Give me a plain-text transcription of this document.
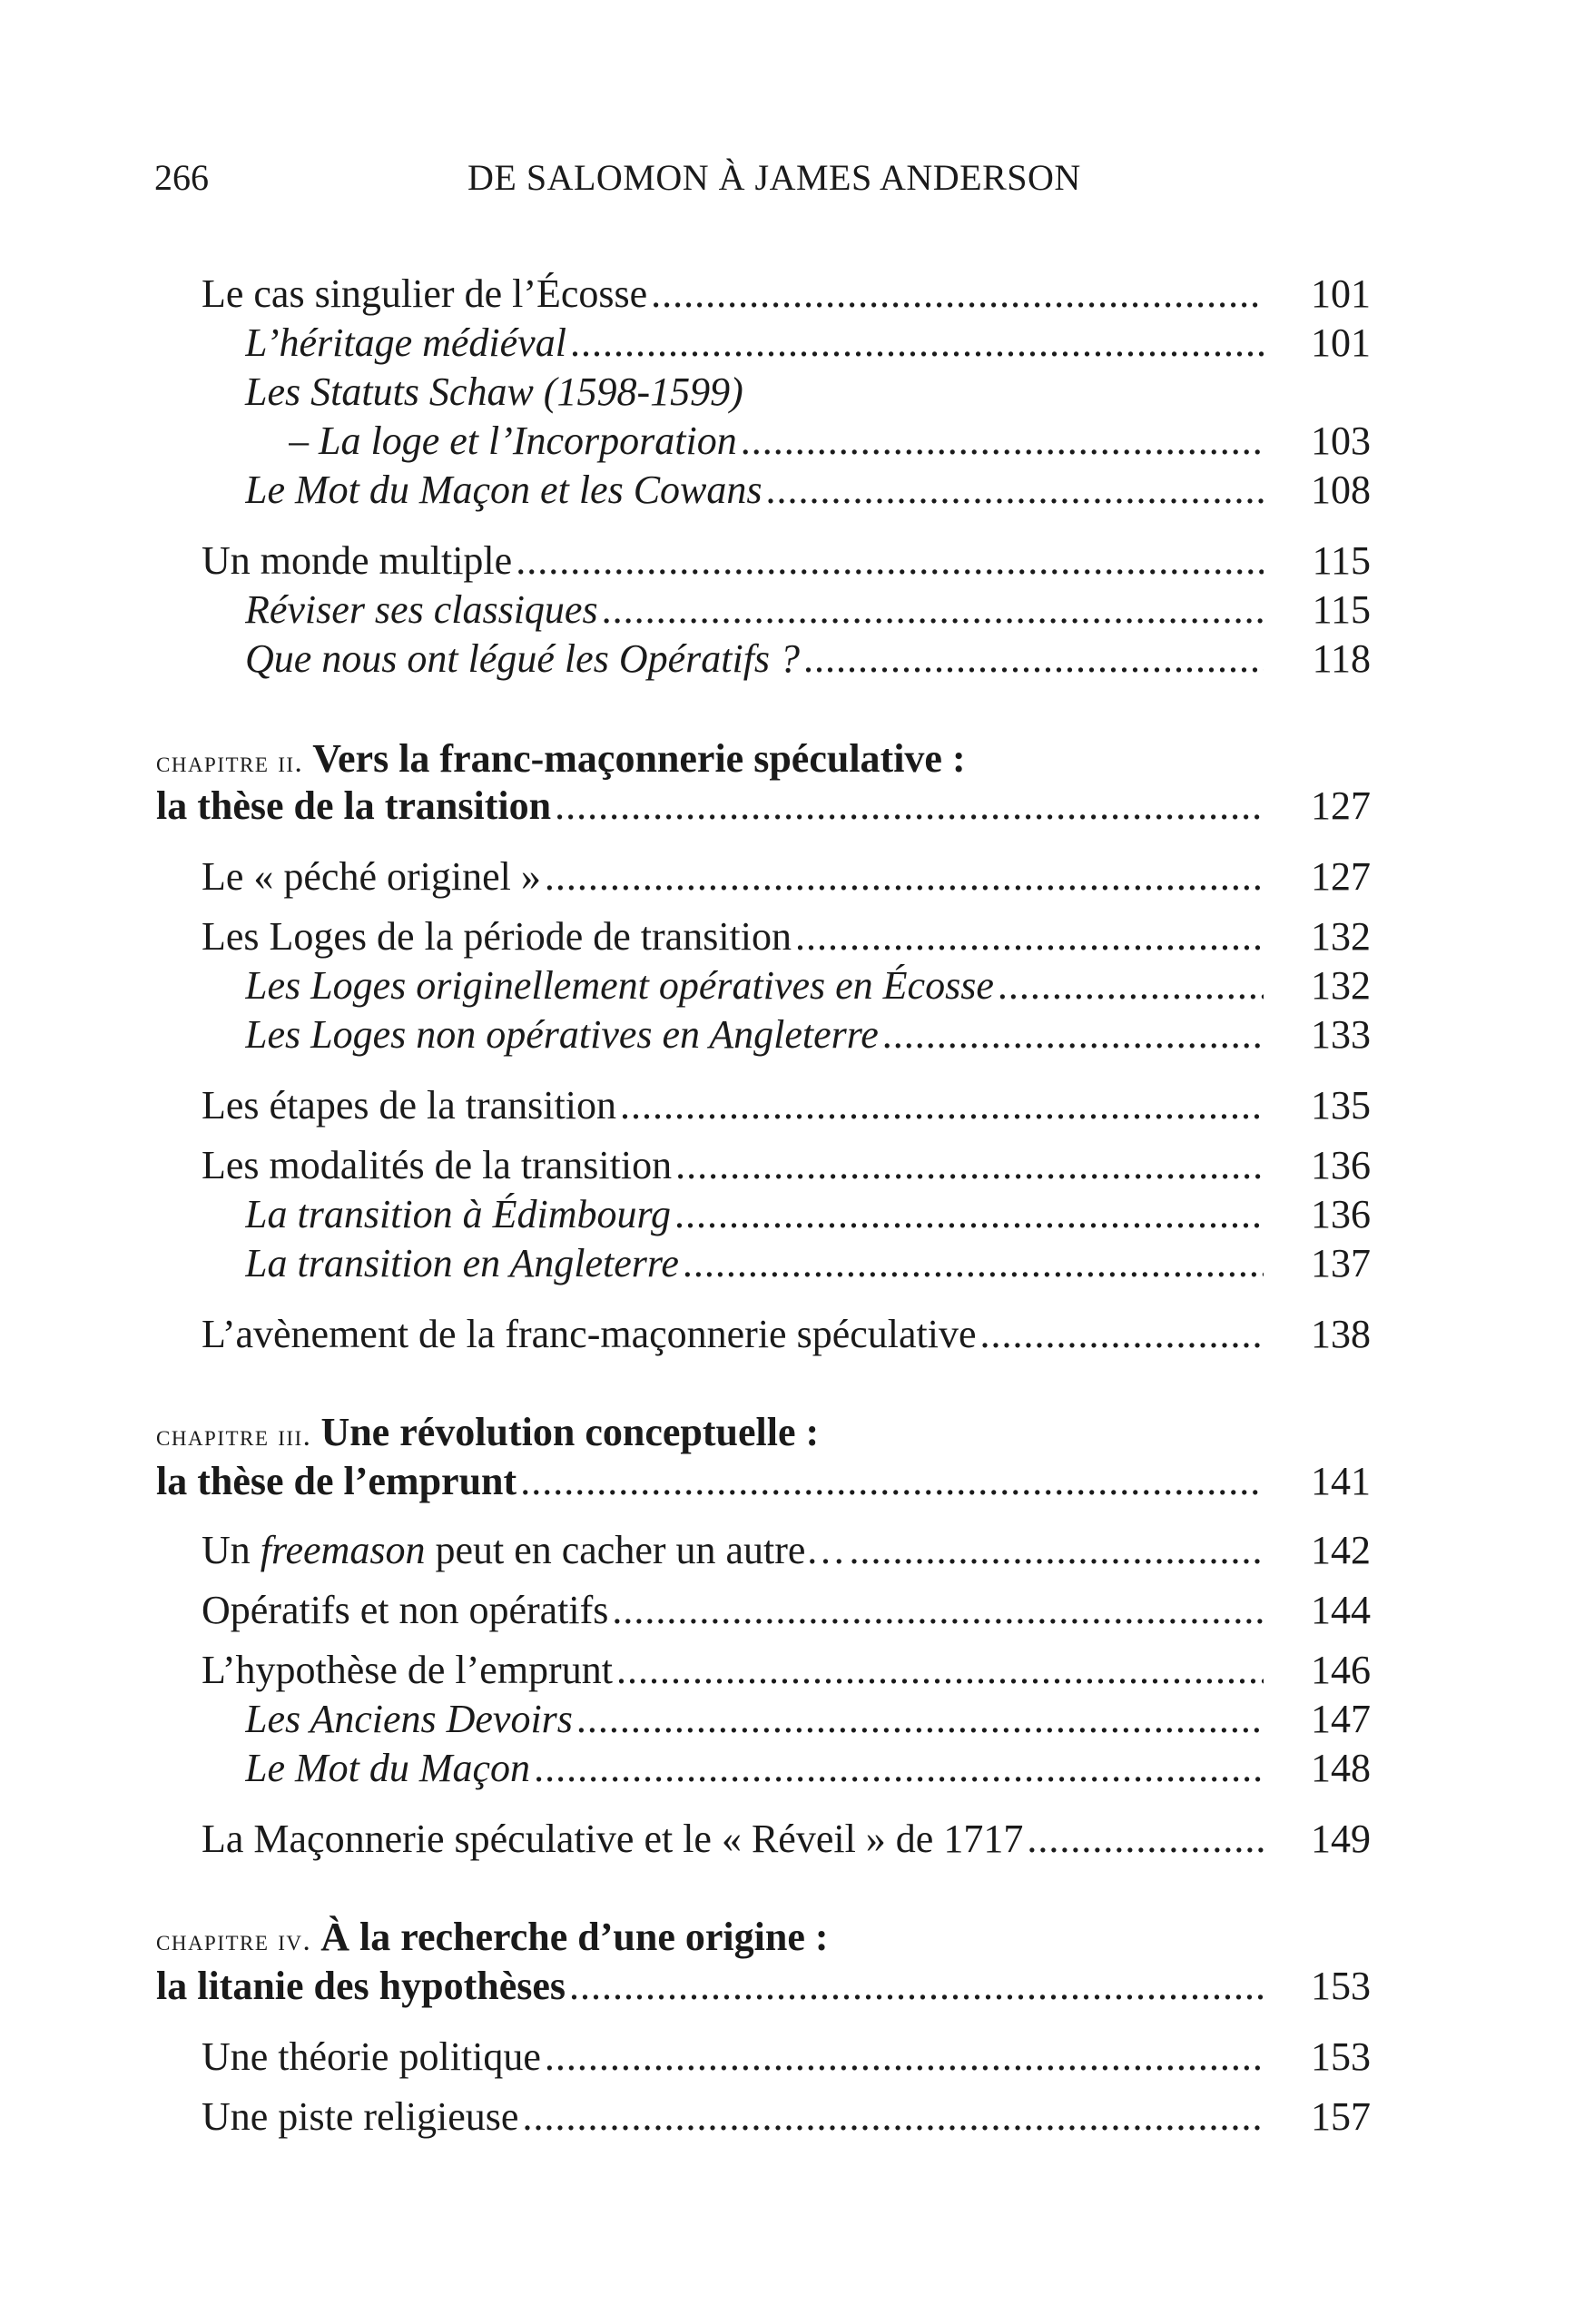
266	DE SALOMON À JAMES ANDERSON
Le cas singulier de l’Écosse .....	101
L’héritage médiéval .....	101
Les Statuts Schaw (1598-1599)
– La loge et l’Incorporation .....	103
Le Mot du Maçon et les Cowans .....	108
Un monde multiple .....	115
Réviser ses classiques .....	115
Que nous ont légué les Opératifs ? .....	118
chapitre ii. Vers la franc-maçonnerie spéculative :
la thèse de la transition .....	127
Le « péché originel » .....	127
Les Loges de la période de transition .....	132
Les Loges originellement opératives en Écosse .....	132
Les Loges non opératives en Angleterre .....	133
Les étapes de la transition .....	135
Les modalités de la transition .....	136
La transition à Édimbourg .....	136
La transition en Angleterre .....	137
L’avènement de la franc-maçonnerie spéculative .....	138
chapitre iii. Une révolution conceptuelle :
la thèse de l’emprunt .....	141
Un freemason peut en cacher un autre… .....	142
Opératifs et non opératifs .....	144
L’hypothèse de l’emprunt .....	146
Les Anciens Devoirs .....	147
Le Mot du Maçon .....	148
La Maçonnerie spéculative et le « Réveil » de 1717 .....	149
chapitre iv. À la recherche d’une origine :
la litanie des hypothèses .....	153
Une théorie politique .....	153
Une piste religieuse .....	157
